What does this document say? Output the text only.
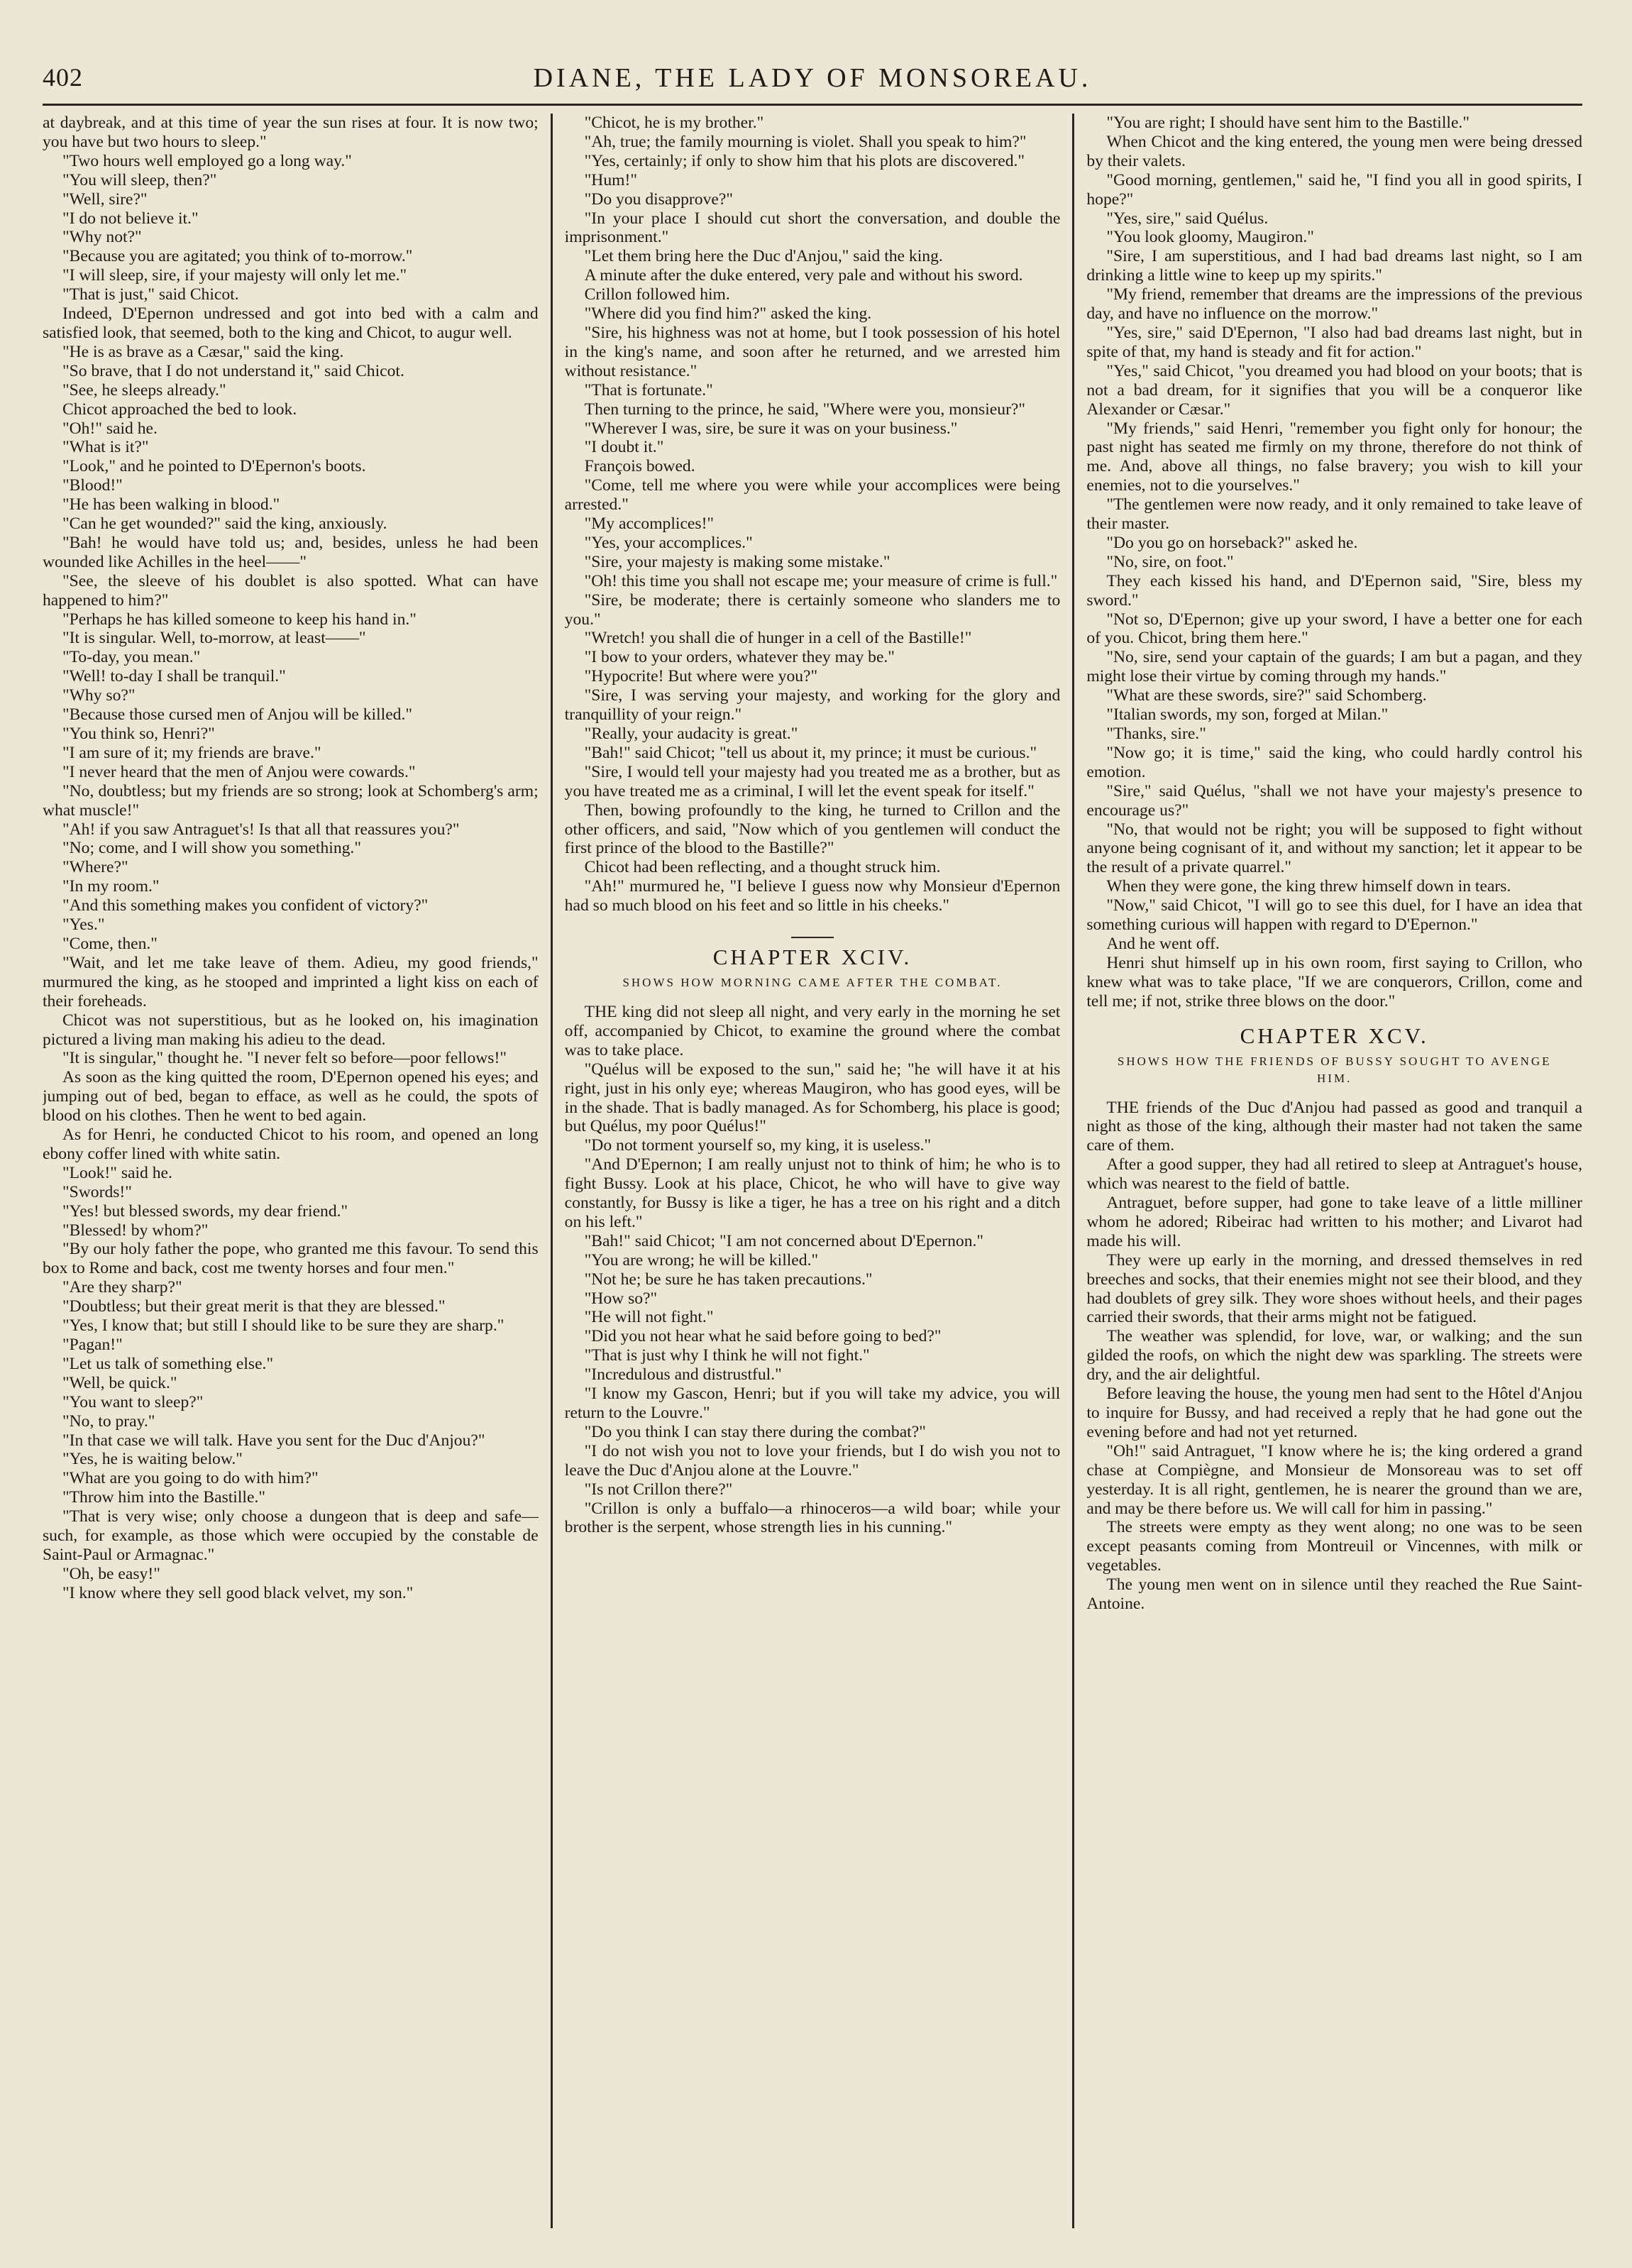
402	DIANE, THE LADY OF MONSOREAU.

at daybreak, and at this time of year the sun rises at four. It is now two; you have but two hours to sleep."

"Two hours well employed go a long way."

"You will sleep, then?"

"Well, sire?"

"I do not believe it."

"Why not?"

"Because you are agitated; you think of to-morrow."

"I will sleep, sire, if your majesty will only let me."

"That is just," said Chicot.

Indeed, D'Epernon undressed and got into bed with a calm and satisfied look, that seemed, both to the king and Chicot, to augur well.

"He is as brave as a Cæsar," said the king.

"So brave, that I do not understand it," said Chicot.

"See, he sleeps already."

Chicot approached the bed to look.

"Oh!" said he.

"What is it?"

"Look," and he pointed to D'Epernon's boots.

"Blood!"

"He has been walking in blood."

"Can he get wounded?" said the king, anxiously.

"Bah! he would have told us; and, besides, unless he had been wounded like Achilles in the heel——"

"See, the sleeve of his doublet is also spotted. What can have happened to him?"

"Perhaps he has killed someone to keep his hand in."

"It is singular. Well, to-morrow, at least——"

"To-day, you mean."

"Well! to-day I shall be tranquil."

"Why so?"

"Because those cursed men of Anjou will be killed."

"You think so, Henri?"

"I am sure of it; my friends are brave."

"I never heard that the men of Anjou were cowards."

"No, doubtless; but my friends are so strong; look at Schomberg's arm; what muscle!"

"Ah! if you saw Antraguet's! Is that all that reassures you?"

"No; come, and I will show you something."

"Where?"

"In my room."

"And this something makes you confident of victory?"

"Yes."

"Come, then."

"Wait, and let me take leave of them. Adieu, my good friends," murmured the king, as he stooped and imprinted a light kiss on each of their foreheads.

Chicot was not superstitious, but as he looked on, his imagination pictured a living man making his adieu to the dead.

"It is singular," thought he. "I never felt so before—poor fellows!"

As soon as the king quitted the room, D'Epernon opened his eyes; and jumping out of bed, began to efface, as well as he could, the spots of blood on his clothes. Then he went to bed again.

As for Henri, he conducted Chicot to his room, and opened an long ebony coffer lined with white satin.

"Look!" said he.

"Swords!"

"Yes! but blessed swords, my dear friend."

"Blessed! by whom?"

"By our holy father the pope, who granted me this favour. To send this box to Rome and back, cost me twenty horses and four men."

"Are they sharp?"

"Doubtless; but their great merit is that they are blessed."

"Yes, I know that; but still I should like to be sure they are sharp."

"Pagan!"

"Let us talk of something else."

"Well, be quick."

"You want to sleep?"

"No, to pray."

"In that case we will talk. Have you sent for the Duc d'Anjou?"

"Yes, he is waiting below."

"What are you going to do with him?"

"Throw him into the Bastille."

"That is very wise; only choose a dungeon that is deep and safe—such, for example, as those which were occupied by the constable de Saint-Paul or Armagnac."

"Oh, be easy!"

"I know where they sell good black velvet, my son."

"Chicot, he is my brother."

"Ah, true; the family mourning is violet. Shall you speak to him?"

"Yes, certainly; if only to show him that his plots are discovered."

"Hum!"

"Do you disapprove?"

"In your place I should cut short the conversation, and double the imprisonment."

"Let them bring here the Duc d'Anjou," said the king.

A minute after the duke entered, very pale and without his sword.

Crillon followed him.

"Where did you find him?" asked the king.

"Sire, his highness was not at home, but I took possession of his hotel in the king's name, and soon after he returned, and we arrested him without resistance."

"That is fortunate."

Then turning to the prince, he said, "Where were you, monsieur?"

"Wherever I was, sire, be sure it was on your business."

"I doubt it."

François bowed.

"Come, tell me where you were while your accomplices were being arrested."

"My accomplices!"

"Yes, your accomplices."

"Sire, your majesty is making some mistake."

"Oh! this time you shall not escape me; your measure of crime is full."

"Sire, be moderate; there is certainly someone who slanders me to you."

"Wretch! you shall die of hunger in a cell of the Bastille!"

"I bow to your orders, whatever they may be."

"Hypocrite! But where were you?"

"Sire, I was serving your majesty, and working for the glory and tranquillity of your reign."

"Really, your audacity is great."

"Bah!" said Chicot; "tell us about it, my prince; it must be curious."

"Sire, I would tell your majesty had you treated me as a brother, but as you have treated me as a criminal, I will let the event speak for itself."

Then, bowing profoundly to the king, he turned to Crillon and the other officers, and said, "Now which of you gentlemen will conduct the first prince of the blood to the Bastille?"

Chicot had been reflecting, and a thought struck him.

"Ah!" murmured he, "I believe I guess now why Monsieur d'Epernon had so much blood on his feet and so little in his cheeks."

CHAPTER XCIV.
SHOWS HOW MORNING CAME AFTER THE COMBAT.

THE king did not sleep all night, and very early in the morning he set off, accompanied by Chicot, to examine the ground where the combat was to take place.

"Quélus will be exposed to the sun," said he; "he will have it at his right, just in his only eye; whereas Maugiron, who has good eyes, will be in the shade. That is badly managed. As for Schomberg, his place is good; but Quélus, my poor Quélus!"

"Do not torment yourself so, my king, it is useless."

"And D'Epernon; I am really unjust not to think of him; he who is to fight Bussy. Look at his place, Chicot, he who will have to give way constantly, for Bussy is like a tiger, he has a tree on his right and a ditch on his left."

"Bah!" said Chicot; "I am not concerned about D'Epernon."

"You are wrong; he will be killed."

"Not he; be sure he has taken precautions."

"How so?"

"He will not fight."

"Did you not hear what he said before going to bed?"

"That is just why I think he will not fight."

"Incredulous and distrustful."

"I know my Gascon, Henri; but if you will take my advice, you will return to the Louvre."

"Do you think I can stay there during the combat?"

"I do not wish you not to love your friends, but I do wish you not to leave the Duc d'Anjou alone at the Louvre."

"Is not Crillon there?"

"Crillon is only a buffalo—a rhinoceros—a wild boar; while your brother is the serpent, whose strength lies in his cunning."

"You are right; I should have sent him to the Bastille."

When Chicot and the king entered, the young men were being dressed by their valets.

"Good morning, gentlemen," said he, "I find you all in good spirits, I hope?"

"Yes, sire," said Quélus.

"You look gloomy, Maugiron."

"Sire, I am superstitious, and I had bad dreams last night, so I am drinking a little wine to keep up my spirits."

"My friend, remember that dreams are the impressions of the previous day, and have no influence on the morrow."

"Yes, sire," said D'Epernon, "I also had bad dreams last night, but in spite of that, my hand is steady and fit for action."

"Yes," said Chicot, "you dreamed you had blood on your boots; that is not a bad dream, for it signifies that you will be a conqueror like Alexander or Cæsar."

"My friends," said Henri, "remember you fight only for honour; the past night has seated me firmly on my throne, therefore do not think of me. And, above all things, no false bravery; you wish to kill your enemies, not to die yourselves."

"The gentlemen were now ready, and it only remained to take leave of their master.

"Do you go on horseback?" asked he.

"No, sire, on foot."

They each kissed his hand, and D'Epernon said, "Sire, bless my sword."

"Not so, D'Epernon; give up your sword, I have a better one for each of you. Chicot, bring them here."

"No, sire, send your captain of the guards; I am but a pagan, and they might lose their virtue by coming through my hands."

"What are these swords, sire?" said Schomberg.

"Italian swords, my son, forged at Milan."

"Thanks, sire."

"Now go; it is time," said the king, who could hardly control his emotion.

"Sire," said Quélus, "shall we not have your majesty's presence to encourage us?"

"No, that would not be right; you will be supposed to fight without anyone being cognisant of it, and without my sanction; let it appear to be the result of a private quarrel."

When they were gone, the king threw himself down in tears.

"Now," said Chicot, "I will go to see this duel, for I have an idea that something curious will happen with regard to D'Epernon."

And he went off.

Henri shut himself up in his own room, first saying to Crillon, who knew what was to take place, "If we are conquerors, Crillon, come and tell me; if not, strike three blows on the door."

CHAPTER XCV.
SHOWS HOW THE FRIENDS OF BUSSY SOUGHT TO AVENGE HIM.

THE friends of the Duc d'Anjou had passed as good and tranquil a night as those of the king, although their master had not taken the same care of them.

After a good supper, they had all retired to sleep at Antraguet's house, which was nearest to the field of battle.

Antraguet, before supper, had gone to take leave of a little milliner whom he adored; Ribeirac had written to his mother; and Livarot had made his will.

They were up early in the morning, and dressed themselves in red breeches and socks, that their enemies might not see their blood, and they had doublets of grey silk. They wore shoes without heels, and their pages carried their swords, that their arms might not be fatigued.

The weather was splendid, for love, war, or walking; and the sun gilded the roofs, on which the night dew was sparkling. The streets were dry, and the air delightful.

Before leaving the house, the young men had sent to the Hôtel d'Anjou to inquire for Bussy, and had received a reply that he had gone out the evening before and had not yet returned.

"Oh!" said Antraguet, "I know where he is; the king ordered a grand chase at Compiègne, and Monsieur de Monsoreau was to set off yesterday. It is all right, gentlemen, he is nearer the ground than we are, and may be there before us. We will call for him in passing."

The streets were empty as they went along; no one was to be seen except peasants coming from Montreuil or Vincennes, with milk or vegetables.

The young men went on in silence until they reached the Rue Saint-Antoine.
